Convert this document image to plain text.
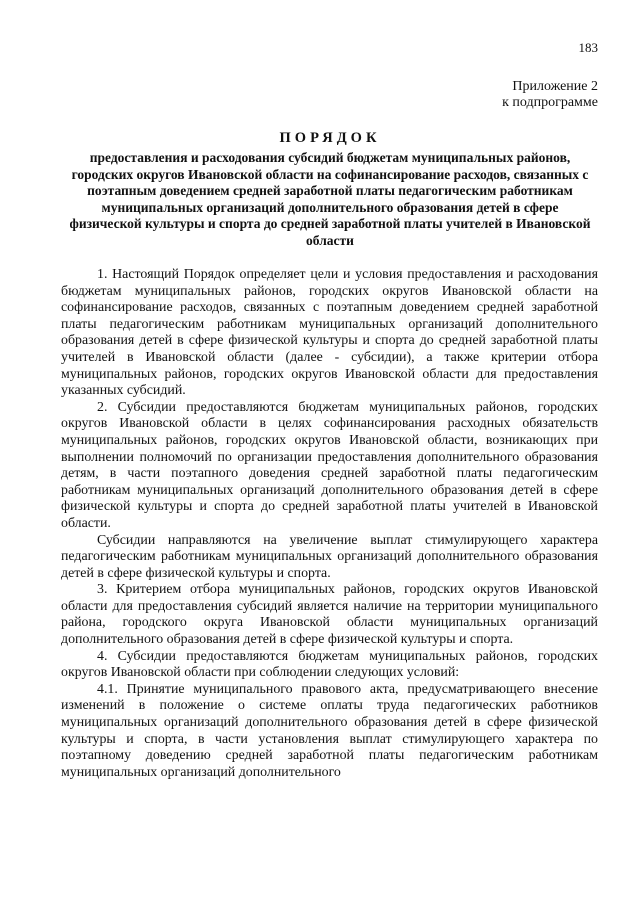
183
Приложение 2
к подпрограмме
ПОРЯДОК
предоставления и расходования субсидий бюджетам муниципальных районов, городских округов Ивановской области на софинансирование расходов, связанных с поэтапным доведением средней заработной платы педагогическим работникам муниципальных организаций дополнительного образования детей в сфере физической культуры и спорта до средней заработной платы учителей в Ивановской области

1. Настоящий Порядок определяет цели и условия предоставления и расходования бюджетам муниципальных районов, городских округов Ивановской области на софинансирование расходов, связанных с поэтапным доведением средней заработной платы педагогическим работникам муниципальных организаций дополнительного образования детей в сфере физической культуры и спорта до средней заработной платы учителей в Ивановской области (далее - субсидии), а также критерии отбора муниципальных районов, городских округов Ивановской области для предоставления указанных субсидий.

2. Субсидии предоставляются бюджетам муниципальных районов, городских округов Ивановской области в целях софинансирования расходных обязательств муниципальных районов, городских округов Ивановской области, возникающих при выполнении полномочий по организации предоставления дополнительного образования детям, в части поэтапного доведения средней заработной платы педагогическим работникам муниципальных организаций дополнительного образования детей в сфере физической культуры и спорта до средней заработной платы учителей в Ивановской области.

Субсидии направляются на увеличение выплат стимулирующего характера педагогическим работникам муниципальных организаций дополнительного образования детей в сфере физической культуры и спорта.

3. Критерием отбора муниципальных районов, городских округов Ивановской области для предоставления субсидий является наличие на территории муниципального района, городского округа Ивановской области муниципальных организаций дополнительного образования детей в сфере физической культуры и спорта.

4. Субсидии предоставляются бюджетам муниципальных районов, городских округов Ивановской области при соблюдении следующих условий:

4.1. Принятие муниципального правового акта, предусматривающего внесение изменений в положение о системе оплаты труда педагогических работников муниципальных организаций дополнительного образования детей в сфере физической культуры и спорта, в части установления выплат стимулирующего характера по поэтапному доведению средней заработной платы педагогическим работникам муниципальных организаций дополнительного
